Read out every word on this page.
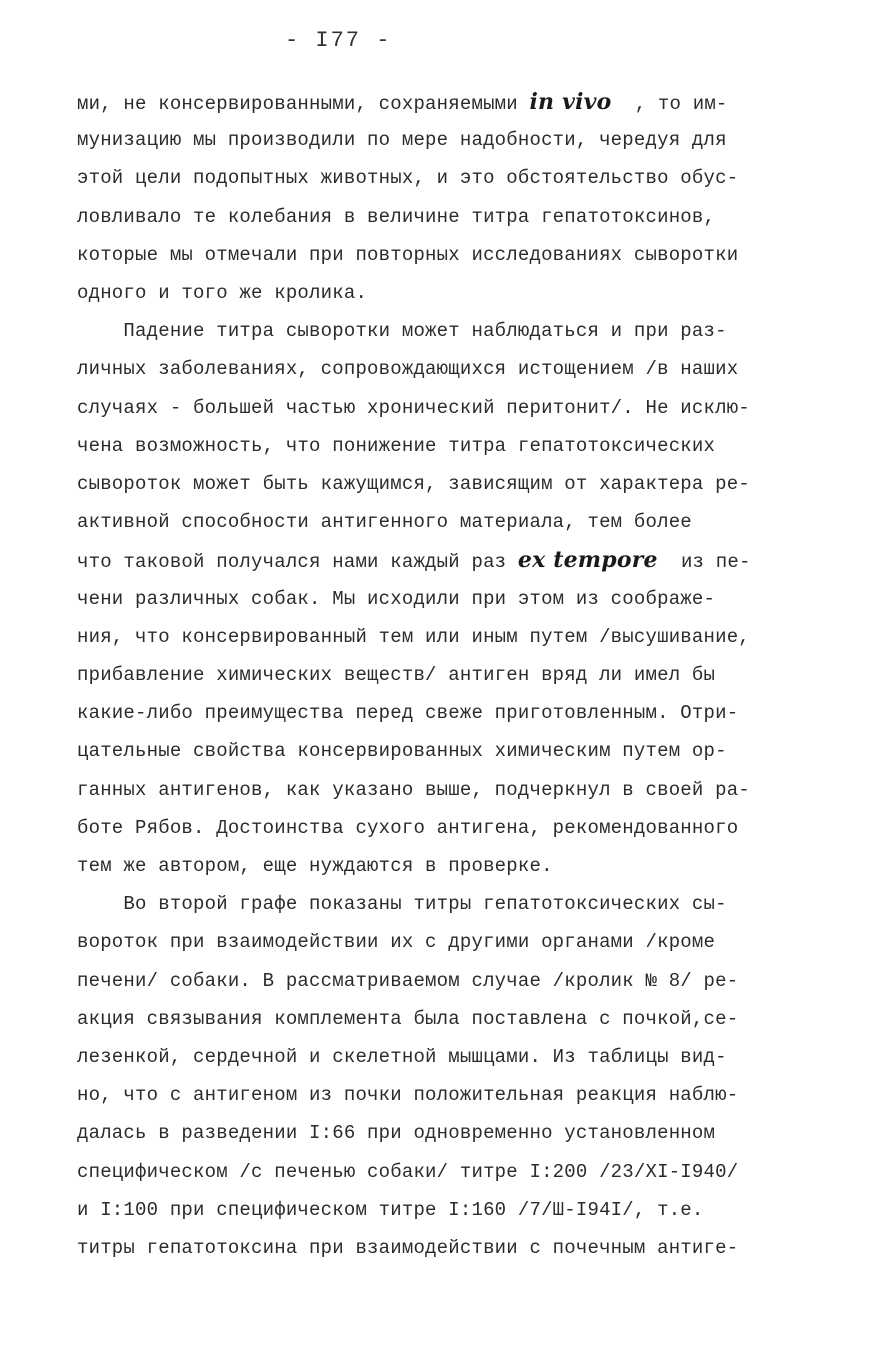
- I77 -
ми, не консервированными, сохраняемыми in vivo  , то им-
мунизацию мы производили по мере надобности, чередуя для
этой цели подопытных животных, и это обстоятельство обус-
ловливало те колебания в величине титра гепатотоксинов,
которые мы отмечали при повторных исследованиях сыворотки
одного и того же кролика.
Падение титра сыворотки может наблюдаться и при раз-
личных заболеваниях, сопровождающихся истощением /в наших
случаях - большей частью хронический перитонит/. Не исклю-
чена возможность, что понижение титра гепатотоксических
сывороток может быть кажущимся, зависящим от характера ре-
активной способности антигенного материала, тем более
что таковой получался нами каждый раз ex tempore  из пе-
чени различных собак. Мы исходили при этом из соображе-
ния, что консервированный тем или иным путем /высушивание,
прибавление химических веществ/ антиген вряд ли имел бы
какие-либо преимущества перед свеже приготовленным. Отри-
цательные свойства консервированных химическим путем ор-
ганных антигенов, как указано выше, подчеркнул в своей ра-
боте Рябов. Достоинства сухого антигена, рекомендованного
тем же автором, еще нуждаются в проверке.
Во второй графе показаны титры гепатотоксических сы-
вороток при взаимодействии их с другими органами /кроме
печени/ собаки. В рассматриваемом случае /кролик № 8/ ре-
акция связывания комплемента была поставлена с почкой,се-
лезенкой, сердечной и скелетной мышцами. Из таблицы вид-
но, что с антигеном из почки положительная реакция наблю-
далась в разведении I:66 при одновременно установленном
специфическом /с печенью собаки/ титре I:200 /23/XI-I940/
и I:100 при специфическом титре I:160 /7/Ш-I94I/, т.е.
титры гепатотоксина при взаимодействии с почечным антиге-
